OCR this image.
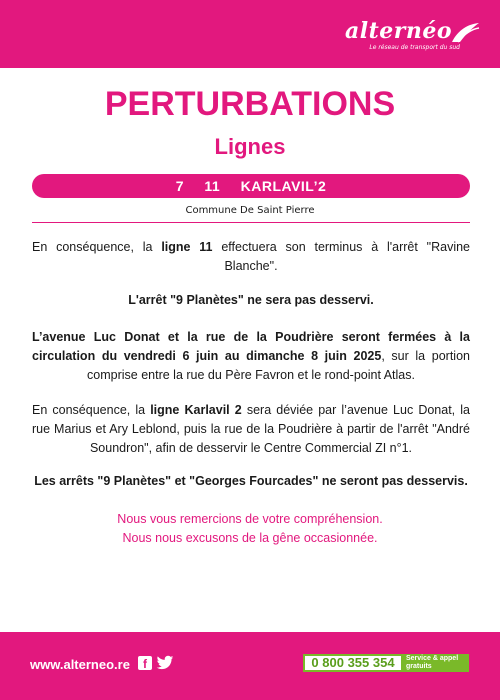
alternéo
Le réseau de transport du sud
PERTURBATIONS
Lignes
7 11 KARLAVIL’2
Commune De Saint Pierre
En conséquence, la ligne 11 effectuera son terminus à l'arrêt "Ravine Blanche".
L'arrêt "9 Planètes" ne sera pas desservi.
L’avenue Luc Donat et la rue de la Poudrière seront fermées à la circulation du vendredi 6 juin au dimanche 8 juin 2025, sur la portion comprise entre la rue du Père Favron et le rond-point Atlas.
En conséquence, la ligne Karlavil 2 sera déviée par l’avenue Luc Donat, la rue Marius et Ary Leblond, puis la rue de la Poudrière à partir de l'arrêt "André Soundron", afin de desservir le Centre Commercial ZI n°1.
Les arrêts "9 Planètes" et "Georges Fourcades" ne seront pas desservis.
Nous vous remercions de votre compréhension.
Nous nous excusons de la gêne occasionnée.
www.alterneo.re	f	0 800 355 354	Service & appel gratuits
